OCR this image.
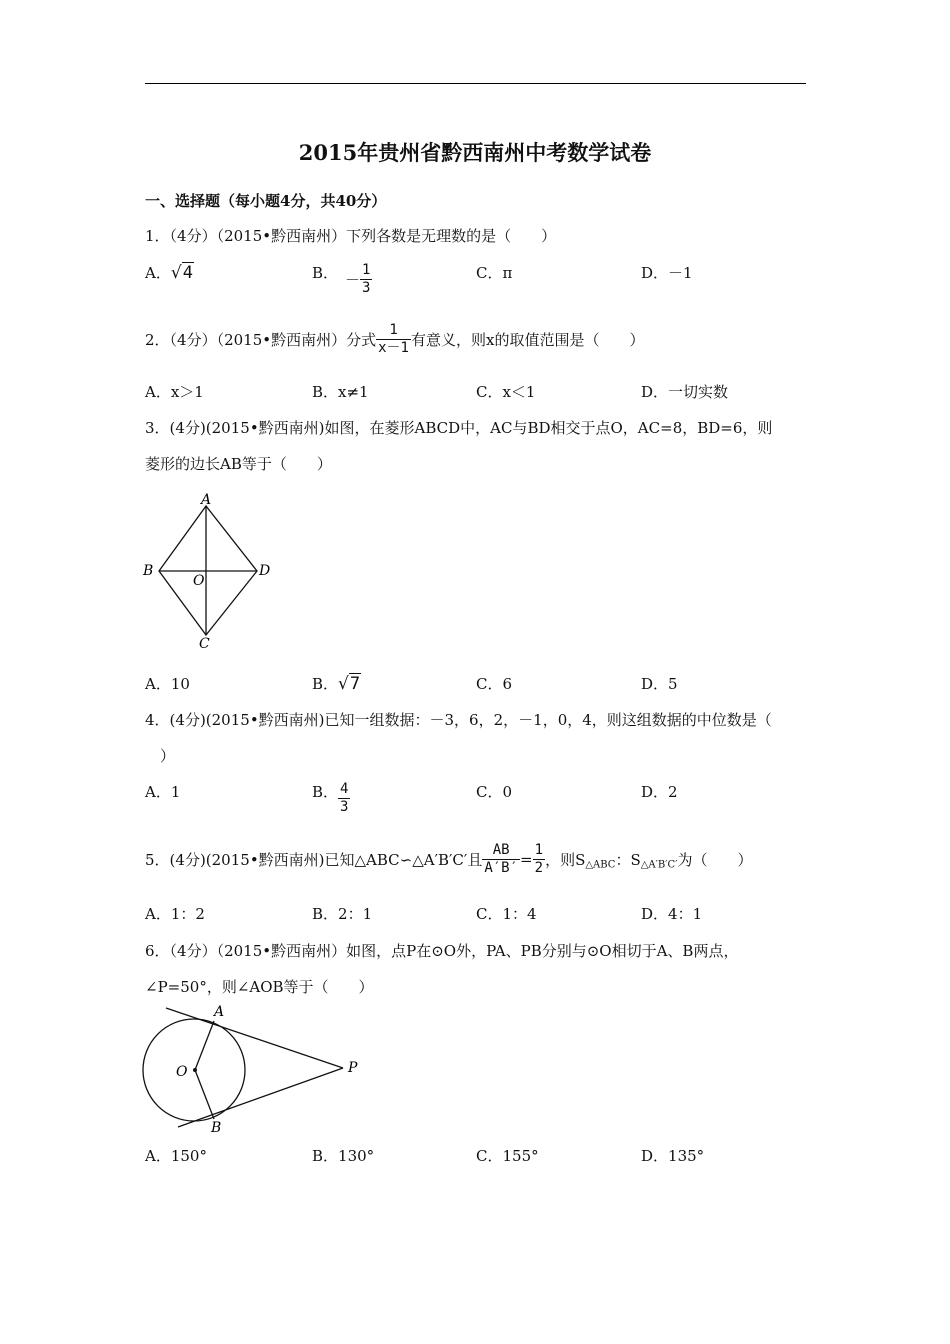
2015年贵州省黔西南州中考数学试卷
一、选择题（每小题4分，共40分）
1．（4分）（2015•黔西南州）下列各数是无理数的是（　　）
A．√4	B． － $\frac{1}{3}$	C．π	D．－1
2．（4分）（2015•黔西南州）分式 $\frac{1}{x-1}$ 有意义，则x的取值范围是（　　）
A．x＞1	B．x≠1	C．x＜1	D．一切实数
3．(4分)(2015•黔西南州)如图，在菱形ABCD中，AC与BD相交于点O，AC=8，BD=6，则
菱形的边长AB等于（　　）
A
B	D
O
C
A．10	B．√7	C．6	D．5
4．(4分)(2015•黔西南州)已知一组数据：－3，6，2，－1，0，4，则这组数据的中位数是（
）
A．1	B． $\frac{4}{3}$	C．0	D．2
5．(4分)(2015•黔西南州)已知△ABC∽△A′B′C′且 $\frac{AB}{A'B'} = \frac{1}{2}$ ，则$S_{\triangle ABC}$：$S_{\triangle A'B'C'}$为（　　）
A．1：2	B．2：1	C．1：4	D．4：1
6．（4分）（2015•黔西南州）如图，点P在⊙O外，PA、PB分别与⊙O相切于A、B两点，
∠P=50°，则∠AOB等于（　　）
A
O	P
B
A．150°	B．130°	C．155°	D．135°
